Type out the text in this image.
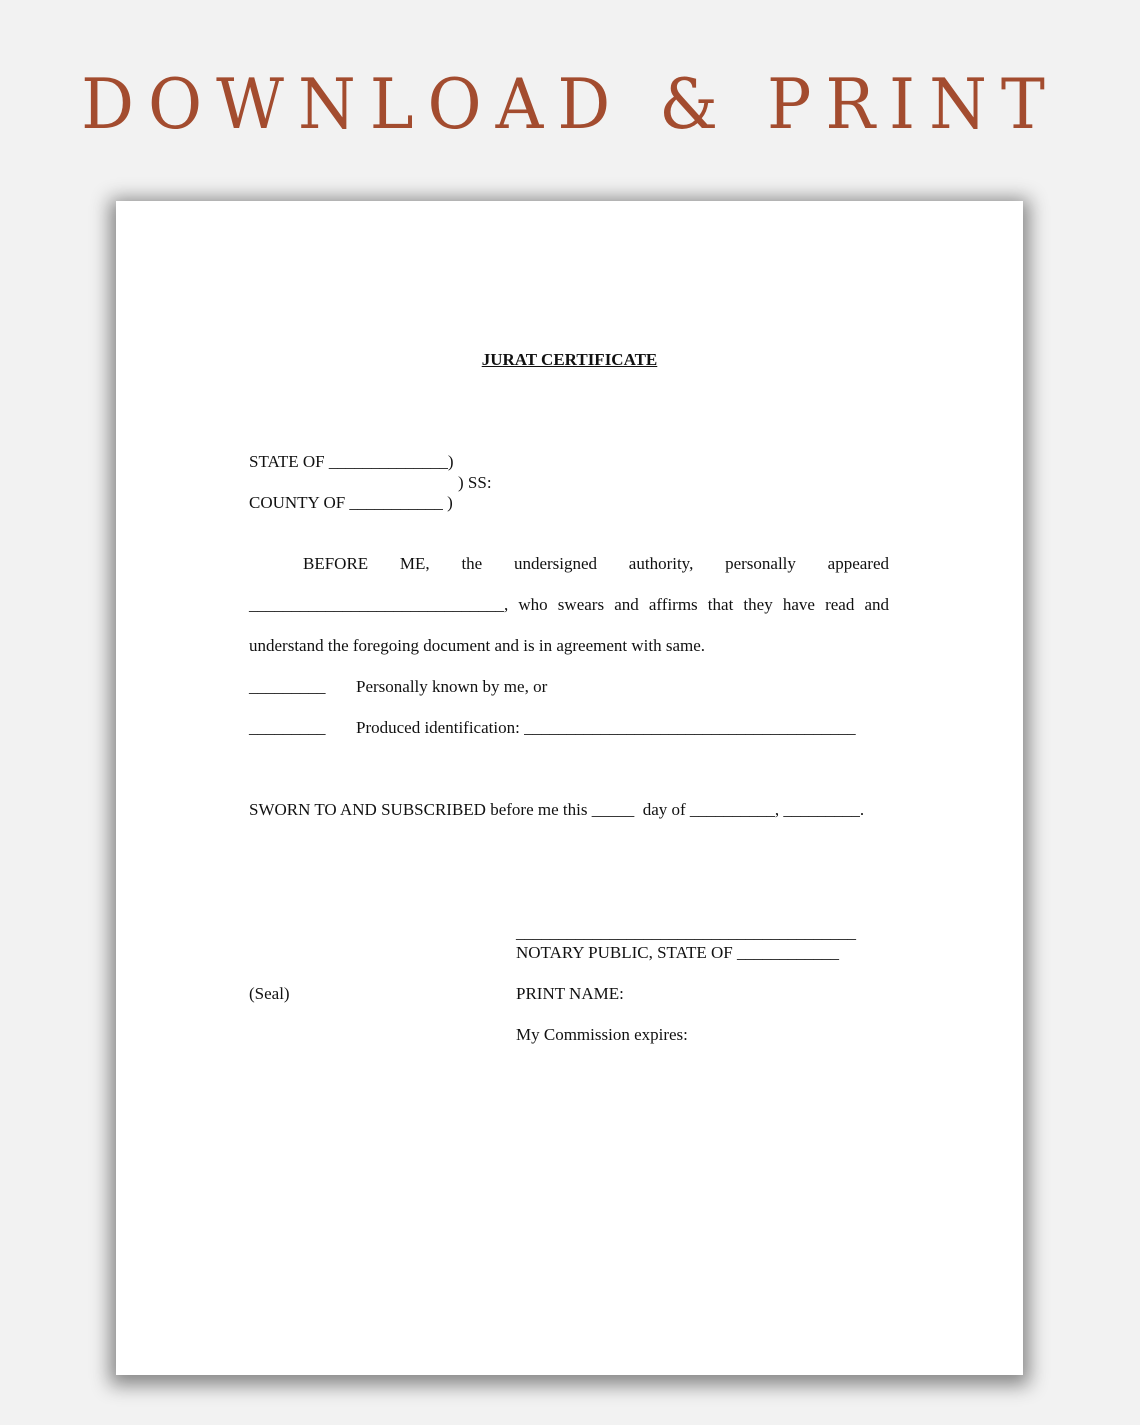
DOWNLOAD & PRINT
JURAT CERTIFICATE
STATE OF ______________)
) SS:
COUNTY OF ___________ )
BEFORE ME, the undersigned authority, personally appeared
______________________________, who swears and affirms that they have read and
understand the foregoing document and is in agreement with same.
_________ Personally known by me, or
_________ Produced identification: _______________________________________
SWORN TO AND SUBSCRIBED before me this _____  day of __________, _________.
________________________________________
NOTARY PUBLIC, STATE OF ____________
(Seal)	PRINT NAME:
My Commission expires:
